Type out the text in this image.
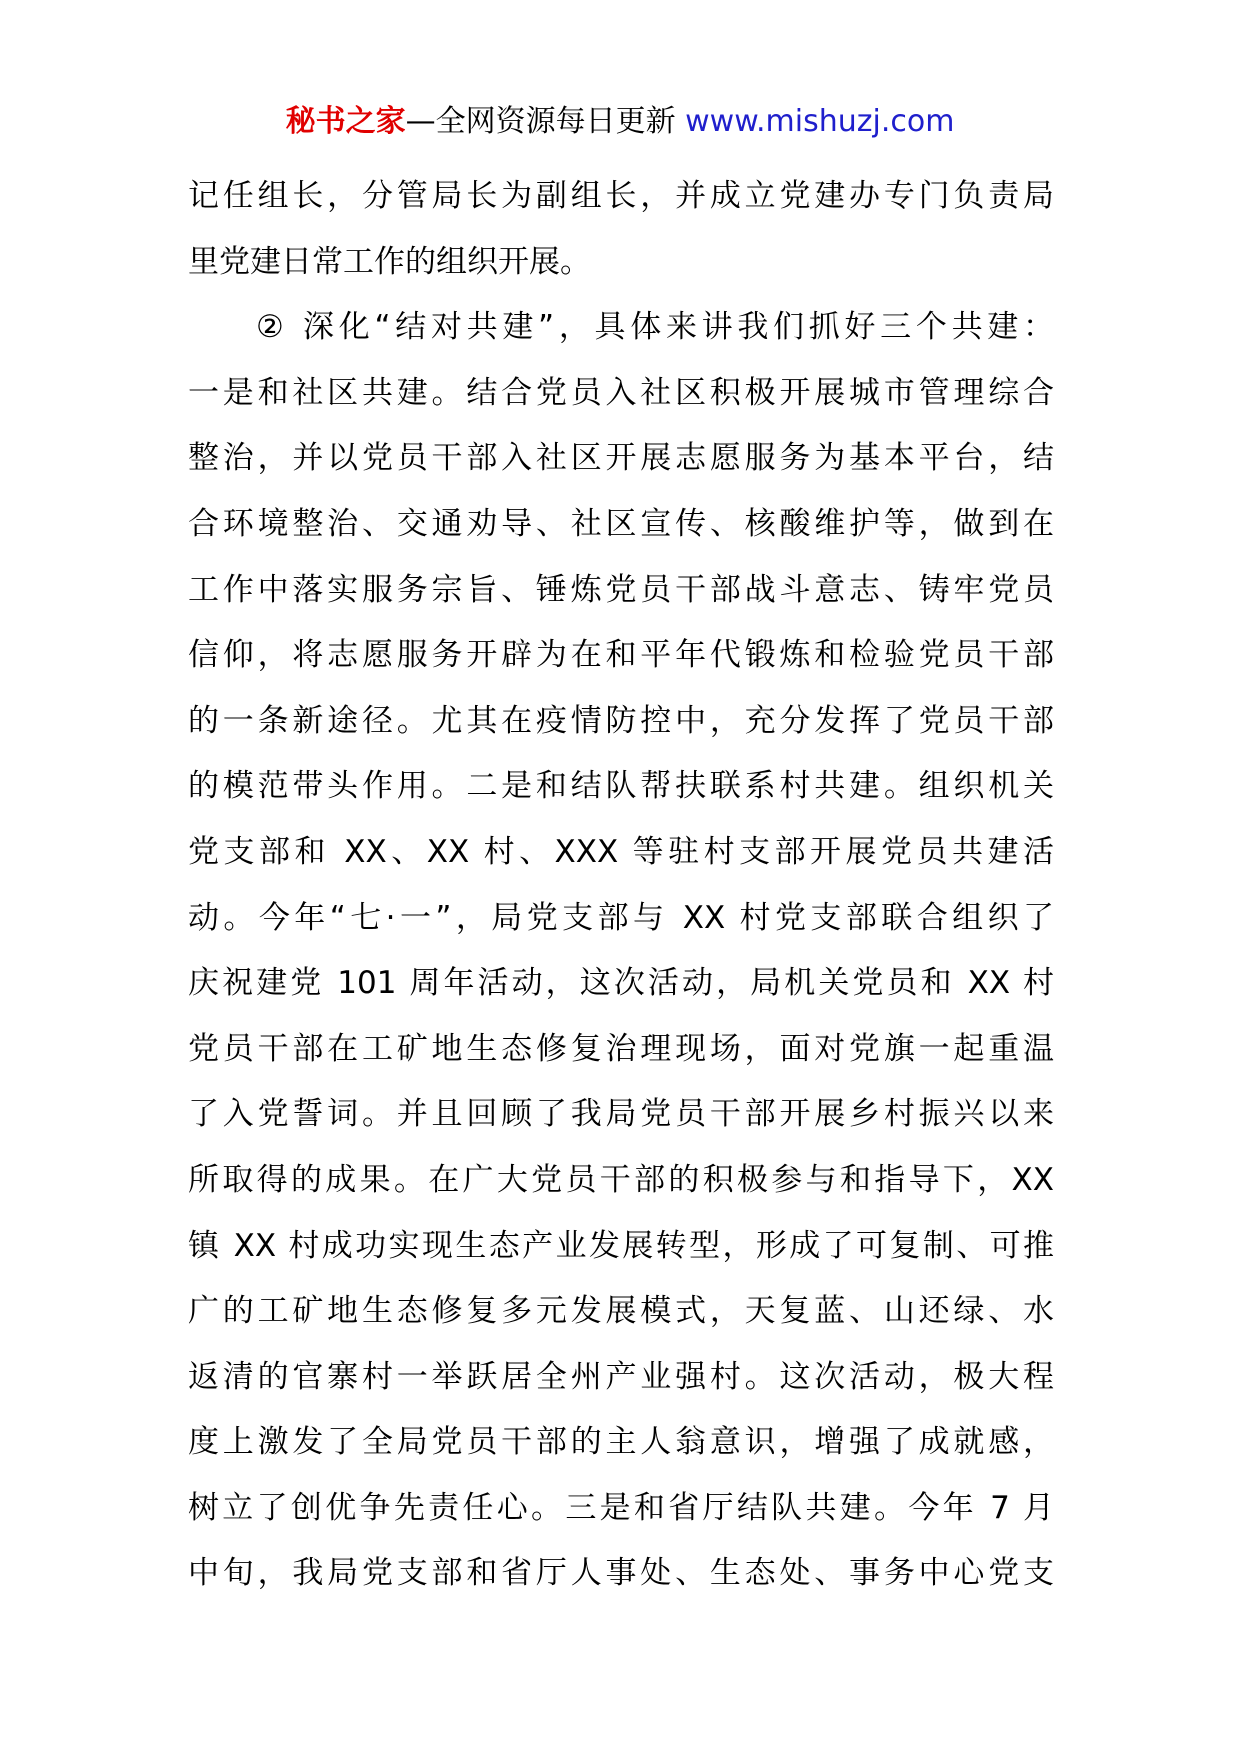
秘书之家—全网资源每日更新 www.mishuzj.com
记任组长，分管局长为副组长，并成立党建办专门负责局
里党建日常工作的组织开展。
② 深化“结对共建”，具体来讲我们抓好三个共建：
一是和社区共建。结合党员入社区积极开展城市管理综合
整治，并以党员干部入社区开展志愿服务为基本平台，结
合环境整治、交通劝导、社区宣传、核酸维护等，做到在
工作中落实服务宗旨、锤炼党员干部战斗意志、铸牢党员
信仰，将志愿服务开辟为在和平年代锻炼和检验党员干部
的一条新途径。尤其在疫情防控中，充分发挥了党员干部
的模范带头作用。二是和结队帮扶联系村共建。组织机关
党支部和 XX、XX 村、XXX 等驻村支部开展党员共建活
动。今年“七·一”，局党支部与 XX 村党支部联合组织了
庆祝建党 101 周年活动，这次活动，局机关党员和 XX 村
党员干部在工矿地生态修复治理现场，面对党旗一起重温
了入党誓词。并且回顾了我局党员干部开展乡村振兴以来
所取得的成果。在广大党员干部的积极参与和指导下，XX
镇 XX 村成功实现生态产业发展转型，形成了可复制、可推
广的工矿地生态修复多元发展模式，天复蓝、山还绿、水
返清的官寨村一举跃居全州产业强村。这次活动，极大程
度上激发了全局党员干部的主人翁意识，增强了成就感，
树立了创优争先责任心。三是和省厅结队共建。今年 7 月
中旬，我局党支部和省厅人事处、生态处、事务中心党支
